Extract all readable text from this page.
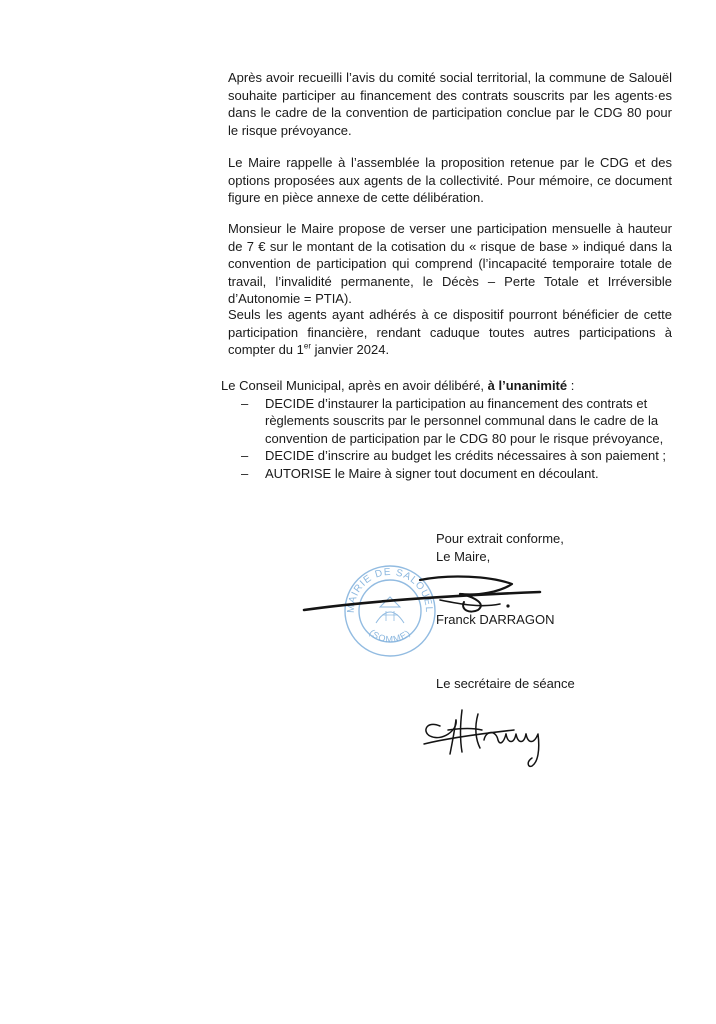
Après avoir recueilli l’avis du comité social territorial, la commune de Salouël souhaite participer au financement des contrats souscrits par les agents·es dans le cadre de la convention de participation conclue par le CDG 80 pour le risque prévoyance.

Le Maire rappelle à l’assemblée la proposition retenue par le CDG et des options proposées aux agents de la collectivité. Pour mémoire, ce document figure en pièce annexe de cette délibération.

Monsieur le Maire propose de verser une participation mensuelle à hauteur de 7 € sur le montant de la cotisation du « risque de base » indiqué dans la convention de participation qui comprend (l’incapacité temporaire totale de travail, l’invalidité permanente, le Décès – Perte Totale et Irréversible d’Autonomie = PTIA).

Seuls les agents ayant adhérés à ce dispositif pourront bénéficier de cette participation financière, rendant caduque toutes autres participations à compter du 1er janvier 2024.

Le Conseil Municipal, après en avoir délibéré, à l’unanimité :
– DECIDE d’instaurer la participation au financement des contrats et règlements souscrits par le personnel communal dans le cadre de la convention de participation par le CDG 80 pour le risque prévoyance,
– DECIDE d’inscrire au budget les crédits nécessaires à son paiement ;
– AUTORISE le Maire à signer tout document en découlant.
Pour extrait conforme,
Le Maire,
MAIRIE DE SALOUEL
(SOMME)
Franck DARRAGON
Le secrétaire de séance
